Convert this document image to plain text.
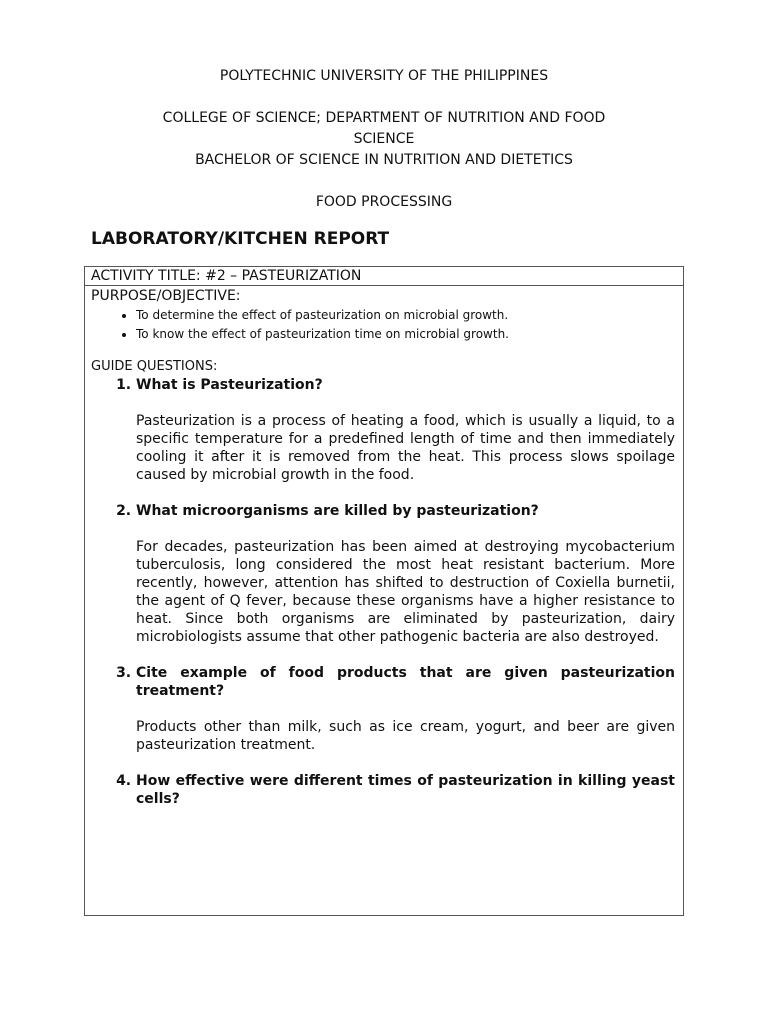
POLYTECHNIC UNIVERSITY OF THE PHILIPPINES
COLLEGE OF SCIENCE; DEPARTMENT OF NUTRITION AND FOOD
SCIENCE
BACHELOR OF SCIENCE IN NUTRITION AND DIETETICS
FOOD PROCESSING
LABORATORY/KITCHEN REPORT
ACTIVITY TITLE: #2 – PASTEURIZATION
PURPOSE/OBJECTIVE:
• To determine the effect of pasteurization on microbial growth.
• To know the effect of pasteurization time on microbial growth.
GUIDE QUESTIONS:
1. What is Pasteurization?
Pasteurization is a process of heating a food, which is usually a liquid, to a specific temperature for a predefined length of time and then immediately cooling it after it is removed from the heat. This process slows spoilage caused by microbial growth in the food.
2. What microorganisms are killed by pasteurization?
For decades, pasteurization has been aimed at destroying mycobacterium tuberculosis, long considered the most heat resistant bacterium. More recently, however, attention has shifted to destruction of Coxiella burnetii, the agent of Q fever, because these organisms have a higher resistance to heat. Since both organisms are eliminated by pasteurization, dairy microbiologists assume that other pathogenic bacteria are also destroyed.
3. Cite example of food products that are given pasteurization treatment?
Products other than milk, such as ice cream, yogurt, and beer are given pasteurization treatment.
4. How effective were different times of pasteurization in killing yeast cells?
